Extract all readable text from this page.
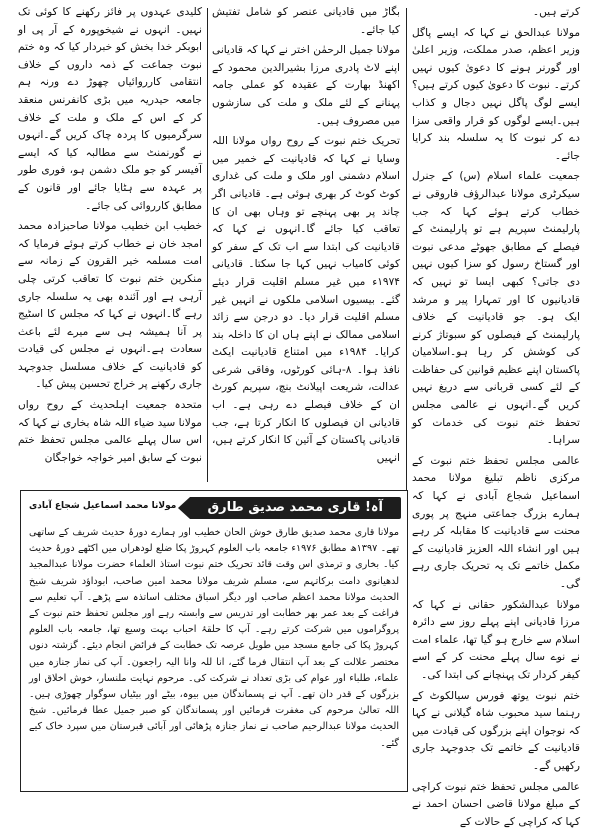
کرتے ہیں۔

مولانا عبدالحق نے کہا کہ ایسے پاگل وزیر اعظم، صدر مملکت، وزیر اعلیٰ اور گورنر ہونے کا دعویٰ کیوں نہیں کرتے۔ نبوت کا دعویٰ کیوں کرتے ہیں؟ ایسے لوگ پاگل نہیں دجال و کذاب ہیں۔ایسے لوگوں کو قرار واقعی سزا دے کر نبوت کا یہ سلسلہ بند کرایا جائے۔

جمعیت علماء اسلام (س) کے جنرل سیکرٹری مولانا عبدالرؤف فاروقی نے خطاب کرتے ہوئے کہا کہ جب پارلیمنٹ سپریم ہے تو پارلیمنٹ کے فیصلے کے مطابق جھوٹے مدعی نبوت اور گستاخ رسول کو سزا کیوں نہیں دی جاتی؟ کبھی ایسا تو نہیں کہ قادیانیوں کا اور تمہارا پیر و مرشد ایک ہو۔ جو قادیانیت کے خلاف پارلیمنٹ کے فیصلوں کو سبوتاژ کرنے کی کوشش کر رہا ہو۔اسلامیان پاکستان اپنے عظیم قوانین کی حفاظت کے لئے کسی قربانی سے دریغ نہیں کریں گے۔انہوں نے عالمی مجلس تحفظ ختم نبوت کی خدمات کو سراہا۔

عالمی مجلس تحفظ ختم نبوت کے مرکزی ناظم تبلیغ مولانا محمد اسماعیل شجاع آبادی نے کہا کہ ہمارے بزرگ جماعتی منہج پر پوری محنت سے قادیانیت کا مقابلہ کر رہے ہیں اور انشاء اللہ العزیز قادیانیت کے مکمل خاتمے تک یہ تحریک جاری رہے گی۔

مولانا عبدالشکور حقانی نے کہا کہ مرزا قادیانی اپنے پہلے روز سے دائرہ اسلام سے خارج ہو گیا تھا، علماء امت نے نوے سال پہلے محنت کر کے اسے کیفر کردار تک پہنچانے کی ابتدا کی۔

ختم نبوت یوتھ فورس سیالکوٹ کے رہنما سید محبوب شاہ گیلانی نے کہا کہ نوجوان اپنے بزرگوں کی قیادت میں قادیانیت کے خاتمے تک جدوجہد جاری رکھیں گے۔

عالمی مجلس تحفظ ختم نبوت کراچی کے مبلغ مولانا قاضی احسان احمد نے کہا کہ کراچی کے حالات کے

بگاڑ میں قادیانی عنصر کو شامل تفتیش کیا جائے۔

مولانا جمیل الرحمٰن اختر نے کہا کہ قادیانی اپنے لاٹ پادری مرزا بشیرالدین محمود کے اکھنڈ بھارت کے عقیدہ کو عملی جامہ پہنانے کے لئے ملک و ملت کی سازشوں میں مصروف ہیں۔

تحریک ختم نبوت کے روح رواں مولانا اللہ وسایا نے کہا کہ قادیانیت کے خمیر میں اسلام دشمنی اور ملک و ملت کی غداری کوٹ کوٹ کر بھری ہوئی ہے۔ قادیانی اگر چاند پر بھی پہنچے تو وہاں بھی ان کا تعاقب کیا جائے گا۔انہوں نے کہا کہ قادیانیت کی ابتدا سے اب تک کے سفر کو کوئی کامیاب نہیں کہا جا سکتا۔ قادیانی ۱۹۷۴ء میں غیر مسلم اقلیت قرار دیئے گئے۔ بیسیوں اسلامی ملکوں نے انہیں غیر مسلم اقلیت قرار دیا۔ دو درجن سے زائد اسلامی ممالک نے اپنے ہاں ان کا داخلہ بند کرایا۔ ۱۹۸۴ء میں امتناع قادیانیت ایکٹ نافذ ہوا۔ ۸-ہائی کورٹوں، وفاقی شرعی عدالت، شریعت اپیلانٹ بنچ، سپریم کورٹ ان کے خلاف فیصلے دے رہی ہے۔ اب قادیانی ان فیصلوں کا انکار کرتا ہے، جب قادیانی پاکستان کے آئین کا انکار کرتے ہیں، انہیں

کلیدی عہدوں پر فائز رکھنے کا کوئی تک نہیں۔ انہوں نے شیخوپورہ کے آر پی او ابوبکر خدا بخش کو خبردار کیا کہ وہ ختم نبوت جماعت کے ذمہ داروں کے خلاف انتقامی کارروائیاں چھوڑ دے ورنہ ہم جامعہ حیدریہ میں بڑی کانفرنس منعقد کر کے اس کے ملک و ملت کے خلاف سرگرمیوں کا پردہ چاک کریں گے۔انہوں نے گورنمنٹ سے مطالبہ کیا کہ ایسے آفیسر کو جو ملک دشمن ہو، فوری طور پر عہدہ سے ہٹایا جائے اور قانون کے مطابق کارروائی کی جائے۔

خطیب ابن خطیب مولانا صاحبزادہ محمد امجد خان نے خطاب کرتے ہوئے فرمایا کہ امت مسلمہ خیر القرون کے زمانہ سے منکرین ختم نبوت کا تعاقب کرتی چلی آرہی ہے اور آئندہ بھی یہ سلسلہ جاری رہے گا۔انہوں نے کہا کہ مجلس کا اسٹیج پر آنا ہمیشہ ہی سے میرے لئے باعث سعادت ہے۔انہوں نے مجلس کی قیادت کو قادیانیت کے خلاف مسلسل جدوجہد جاری رکھنے پر خراج تحسین پیش کیا۔

متحدہ جمعیت اہلحدیث کے روح رواں مولانا سید ضیاء اللہ شاہ بخاری نے کہا کہ اس سال پہلے عالمی مجلس تحفظ ختم نبوت کے سابق امیر خواجہ خواجگان

آہ! قاری محمد صدیق طارق
مولانا محمد اسماعیل شجاع آبادی

مولانا قاری محمد صدیق طارق خوش الحان خطیب اور ہمارے دورۂ حدیث شریف کے ساتھی تھے۔ ۱۳۹۷ھ مطابق ۱۹۷۶ء جامعہ باب العلوم کہروڑ پکا ضلع لودھراں میں اکٹھے دورۂ حدیث کیا۔ بخاری و ترمذی اس وقت قائد تحریک ختم نبوت استاذ العلماء حضرت مولانا عبدالمجید لدھیانوی دامت برکاتہم سے، مسلم شریف مولانا محمد امین صاحب، ابوداؤد شریف شیخ الحدیث مولانا محمد اعظم صاحب اور دیگر اسباق مختلف اساتذہ سے پڑھے۔ آپ تعلیم سے فراغت کے بعد عمر بھر خطابت اور تدریس سے وابستہ رہے اور مجلس تحفظ ختم نبوت کے پروگراموں میں شرکت کرتے رہے۔ آپ کا حلقۂ احباب بہت وسیع تھا، جامعہ باب العلوم کہروڑ پکا کی جامع مسجد میں طویل عرصہ تک خطابت کے فرائض انجام دیئے۔ گزشتہ دنوں مختصر علالت کے بعد آپ انتقال فرما گئے، انا للہ وانا الیہ راجعون۔ آپ کی نماز جنازہ میں علماء، طلباء اور عوام کی بڑی تعداد نے شرکت کی۔ مرحوم نہایت ملنسار، خوش اخلاق اور بزرگوں کے قدر دان تھے۔ آپ نے پسماندگان میں بیوہ، بیٹے اور بیٹیاں سوگوار چھوڑی ہیں۔ اللہ تعالیٰ مرحوم کی مغفرت فرمائیں اور پسماندگان کو صبر جمیل عطا فرمائیں۔ شیخ الحدیث مولانا عبدالرحیم صاحب نے نماز جنازہ پڑھائی اور آبائی قبرستان میں سپرد خاک کیے گئے۔
